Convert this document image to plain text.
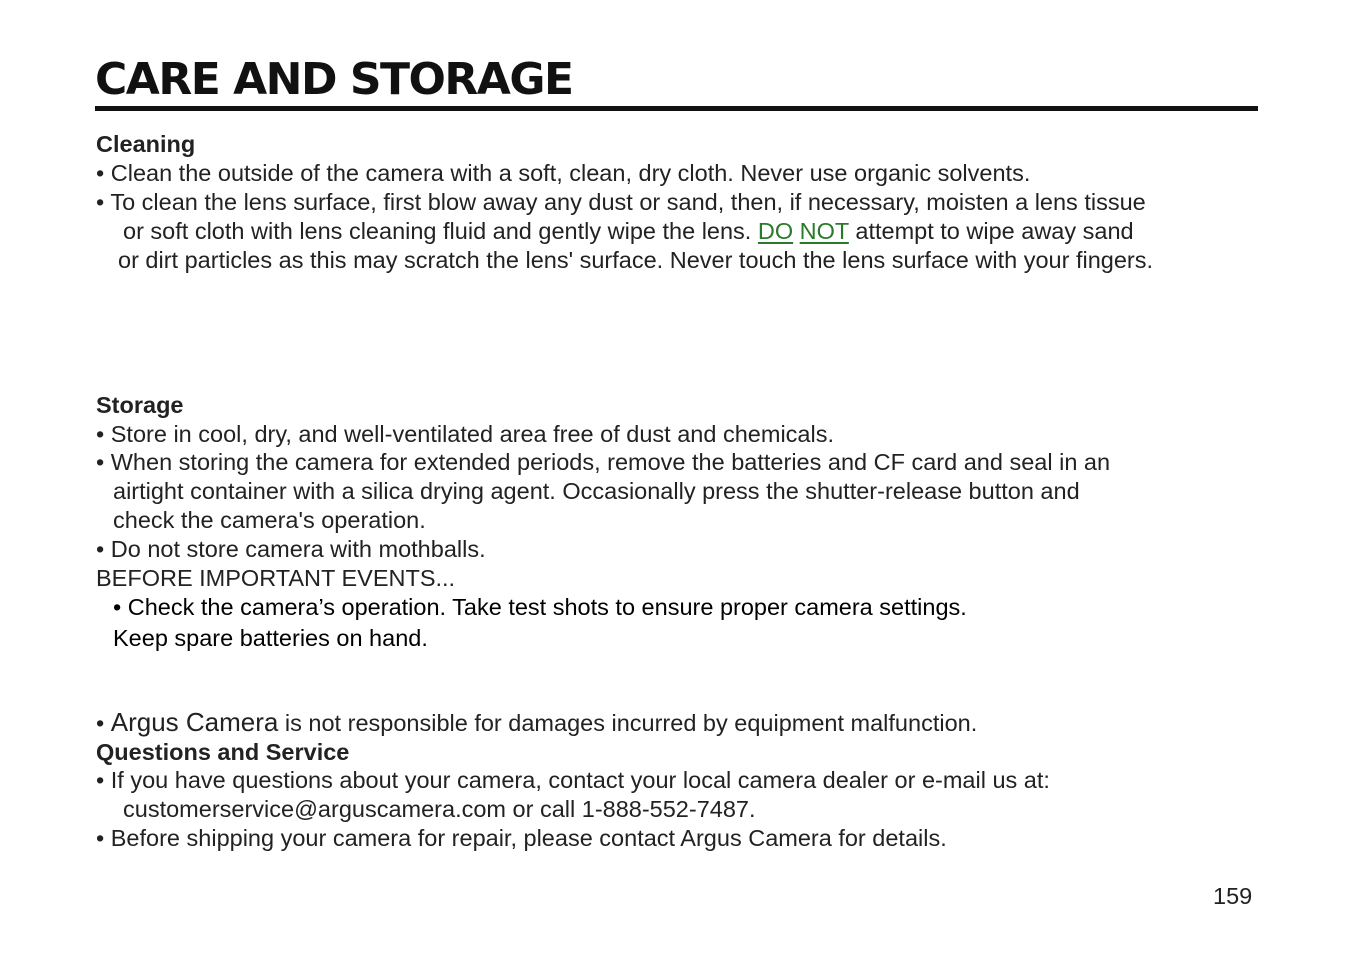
CARE AND STORAGE
Cleaning
• Clean the outside of the camera with a soft, clean, dry cloth. Never use organic solvents.
• To clean the lens surface, first blow away any dust or sand, then, if necessary, moisten a lens tissue
or soft cloth with lens cleaning fluid and gently wipe the lens. DO NOT attempt to wipe away sand
or dirt particles as this may scratch the lens' surface. Never touch the lens surface with your fingers.
Storage
• Store in cool, dry, and well-ventilated area free of dust and chemicals.
• When storing the camera for extended periods, remove the batteries and CF card and seal in an
airtight container with a silica drying agent. Occasionally press the shutter-release button and
check the camera's operation.
• Do not store camera with mothballs.
BEFORE IMPORTANT EVENTS...
• Check the camera’s operation. Take test shots to ensure proper camera settings.
Keep spare batteries on hand.
• Argus Camera is not responsible for damages incurred by equipment malfunction.
Questions and Service
• If you have questions about your camera, contact your local camera dealer or e-mail us at:
customerservice@arguscamera.com or call 1-888-552-7487.
• Before shipping your camera for repair, please contact Argus Camera for details.
159
